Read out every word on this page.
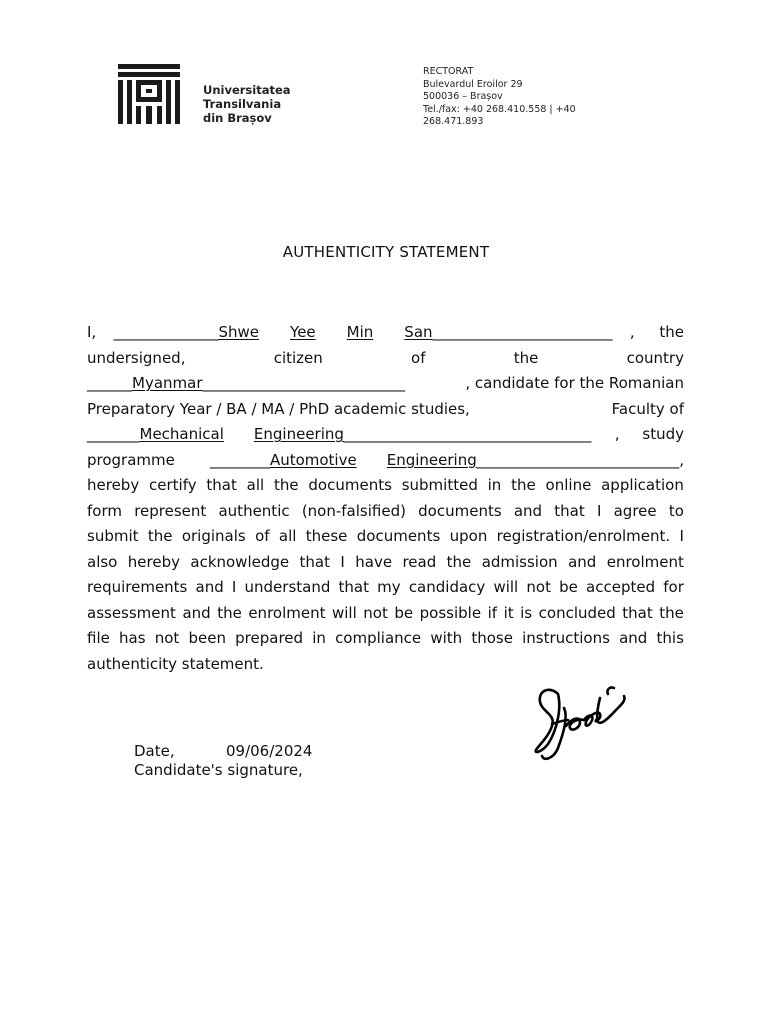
Universitatea
Transilvania
din Brașov
RECTORAT
Bulevardul Eroilor 29
500036 – Brașov
Tel./fax: +40 268.410.558 | +40
268.471.893

AUTHENTICITY STATEMENT
I, ______________ Shwe Yee Min San ________________________ , the
undersigned,	citizen	of	the	country
______ Myanmar ___________________________	, candidate for the Romanian
Preparatory Year / BA / MA / PhD academic studies,	Faculty of
_______ Mechanical Engineering _________________________________ , study
programme ________ Automotive Engineering ___________________________ ,
hereby certify that all the documents submitted in the online application
form represent authentic (non-falsified) documents and that I agree to
submit the originals of all these documents upon registration/enrolment. I
also hereby acknowledge that I have read the admission and enrolment
requirements and I understand that my candidacy will not be accepted for
assessment and the enrolment will not be possible if it is concluded that the
file has not been prepared in compliance with those instructions and this
authenticity statement.
Date,	09/06/2024
Candidate's signature,
